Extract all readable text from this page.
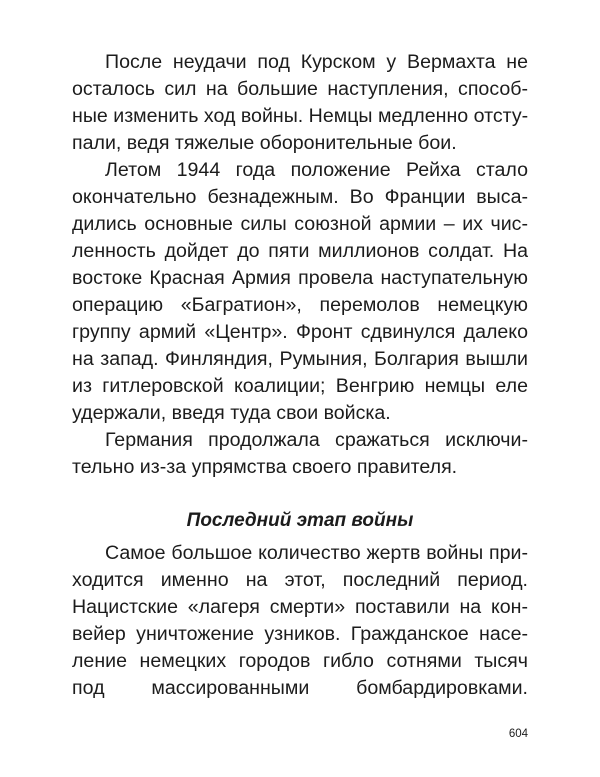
После неудачи под Курском у Вермахта не
осталось сил на большие наступления, способ-
ные изменить ход войны. Немцы медленно отсту-
пали, ведя тяжелые оборонительные бои.
Летом 1944 года положение Рейха стало
окончательно безнадежным. Во Франции выса-
дились основные силы союзной армии – их чис-
ленность дойдет до пяти миллионов солдат. На
востоке Красная Армия провела наступательную
операцию «Багратион», перемолов немецкую
группу армий «Центр». Фронт сдвинулся далеко
на запад. Финляндия, Румыния, Болгария вышли
из гитлеровской коалиции; Венгрию немцы еле
удержали, введя туда свои войска.
Германия продолжала сражаться исключи-
тельно из-за упрямства своего правителя.
Последний этап войны
Самое большое количество жертв войны при-
ходится именно на этот, последний период.
Нацистские «лагеря смерти» поставили на кон-
вейер уничтожение узников. Гражданское насе-
ление немецких городов гибло сотнями тысяч
под массированными бомбардировками.
604
